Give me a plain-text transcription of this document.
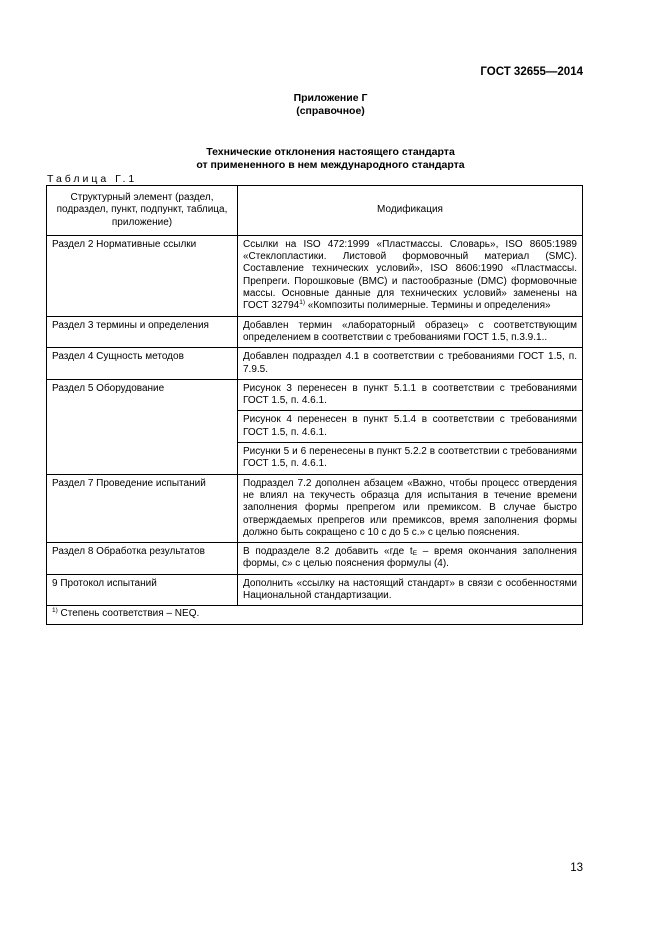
ГОСТ 32655—2014
Приложение Г
(справочное)
Технические отклонения настоящего стандарта
от примененного в нем международного стандарта
Таблица Г.1
Структурный элемент (раздел, подраздел, пункт, подпункт, таблица, приложение)	Модификация
Раздел 2 Нормативные ссылки	Ссылки на ISO 472:1999 «Пластмассы. Словарь», ISO 8605:1989 «Стеклопластики. Листовой формовочный материал (SMC). Составление технических условий», ISO 8606:1990 «Пластмассы. Препреги. Порошковые (BMC) и пастообразные (DMC) формовочные массы. Основные данные для технических условий» заменены на ГОСТ 32794$^{1)}$ «Композиты полимерные. Термины и определения»
Раздел 3 термины и определения	Добавлен термин «лабораторный образец» с соответствующим определением в соответствии с требованиями ГОСТ 1.5, п.3.9.1..
Раздел 4 Сущность методов	Добавлен подраздел 4.1 в соответствии с требованиями ГОСТ 1.5, п. 7.9.5.
Раздел 5 Оборудование	Рисунок 3 перенесен в пункт 5.1.1 в соответствии с требованиями ГОСТ 1.5, п. 4.6.1.
	Рисунок 4 перенесен в пункт 5.1.4 в соответствии с требованиями ГОСТ 1.5, п. 4.6.1.
	Рисунки 5 и 6 перенесены в пункт 5.2.2 в соответствии с требованиями ГОСТ 1.5, п. 4.6.1.
Раздел 7 Проведение испытаний	Подраздел 7.2 дополнен абзацем «Важно, чтобы процесс отвердения не влиял на текучесть образца для испытания в течение времени заполнения формы препрегом или премиксом. В случае быстро отверждаемых препрегов или премиксов, время заполнения формы должно быть сокращено с 10 с до 5 с.» с целью пояснения.
Раздел 8 Обработка результатов	В подразделе 8.2 добавить «где $t_E$ – время окончания заполнения формы, с» с целью пояснения формулы (4).
9 Протокол испытаний	Дополнить «ссылку на настоящий стандарт» в связи с особенностями Национальной стандартизации.
$^{1)}$ Степень соответствия – NEQ.	
13
